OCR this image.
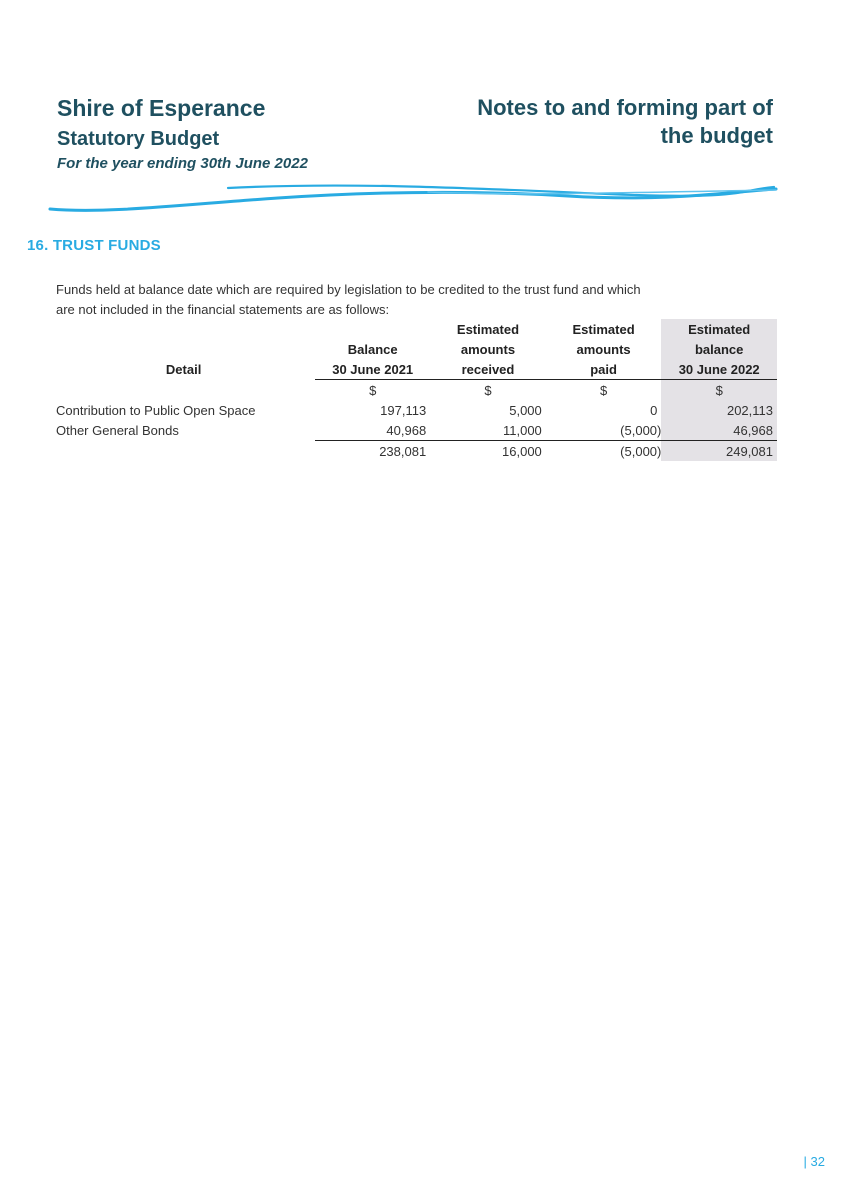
Shire of Esperance
Statutory Budget
For the year ending 30th June 2022
Notes to and forming part of
the budget
16. TRUST FUNDS
Funds held at balance date which are required by legislation to be credited to the trust fund and which
are not included in the financial statements are as follows:
		Estimated	Estimated	Estimated
	Balance	amounts	amounts	balance
Detail	30 June 2021	received	paid	30 June 2022
	$	$	$	$
Contribution to Public Open Space	197,113	5,000	0	202,113
Other General Bonds	40,968	11,000	(5,000)	46,968
	238,081	16,000	(5,000)	249,081
| 32
